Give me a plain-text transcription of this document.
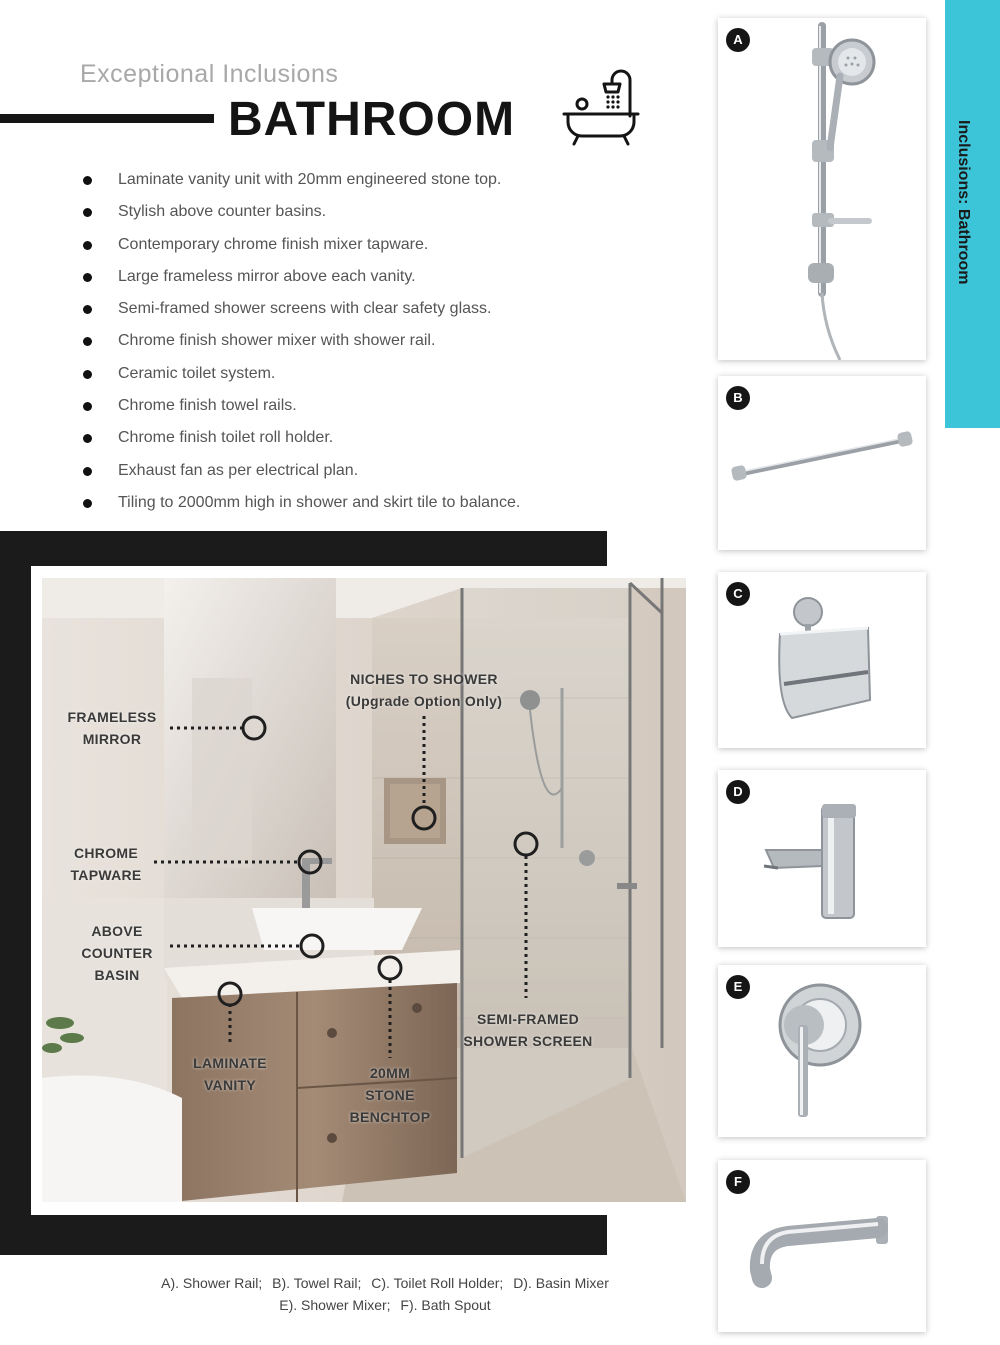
Exceptional Inclusions
BATHROOM
Laminate vanity unit with 20mm engineered stone top.
Stylish above counter basins.
Contemporary chrome finish mixer tapware.
Large frameless mirror above each vanity.
Semi-framed shower screens with clear safety glass.
Chrome finish shower mixer with shower rail.
Ceramic toilet system.
Chrome finish towel rails.
Chrome finish toilet roll holder.
Exhaust fan as per electrical plan.
Tiling to 2000mm high in shower and skirt tile to balance.
FRAMELESS
MIRROR
NICHES TO SHOWER
(Upgrade Option Only)
CHROME
TAPWARE
ABOVE
COUNTER
BASIN
SEMI-FRAMED
SHOWER SCREEN
LAMINATE
VANITY
20MM
STONE
BENCHTOP
A). Shower Rail; B). Towel Rail; C). Toilet Roll Holder; D). Basin Mixer
E). Shower Mixer; F). Bath Spout
Inclusions: Bathroom
A
B
C
D
E
F
